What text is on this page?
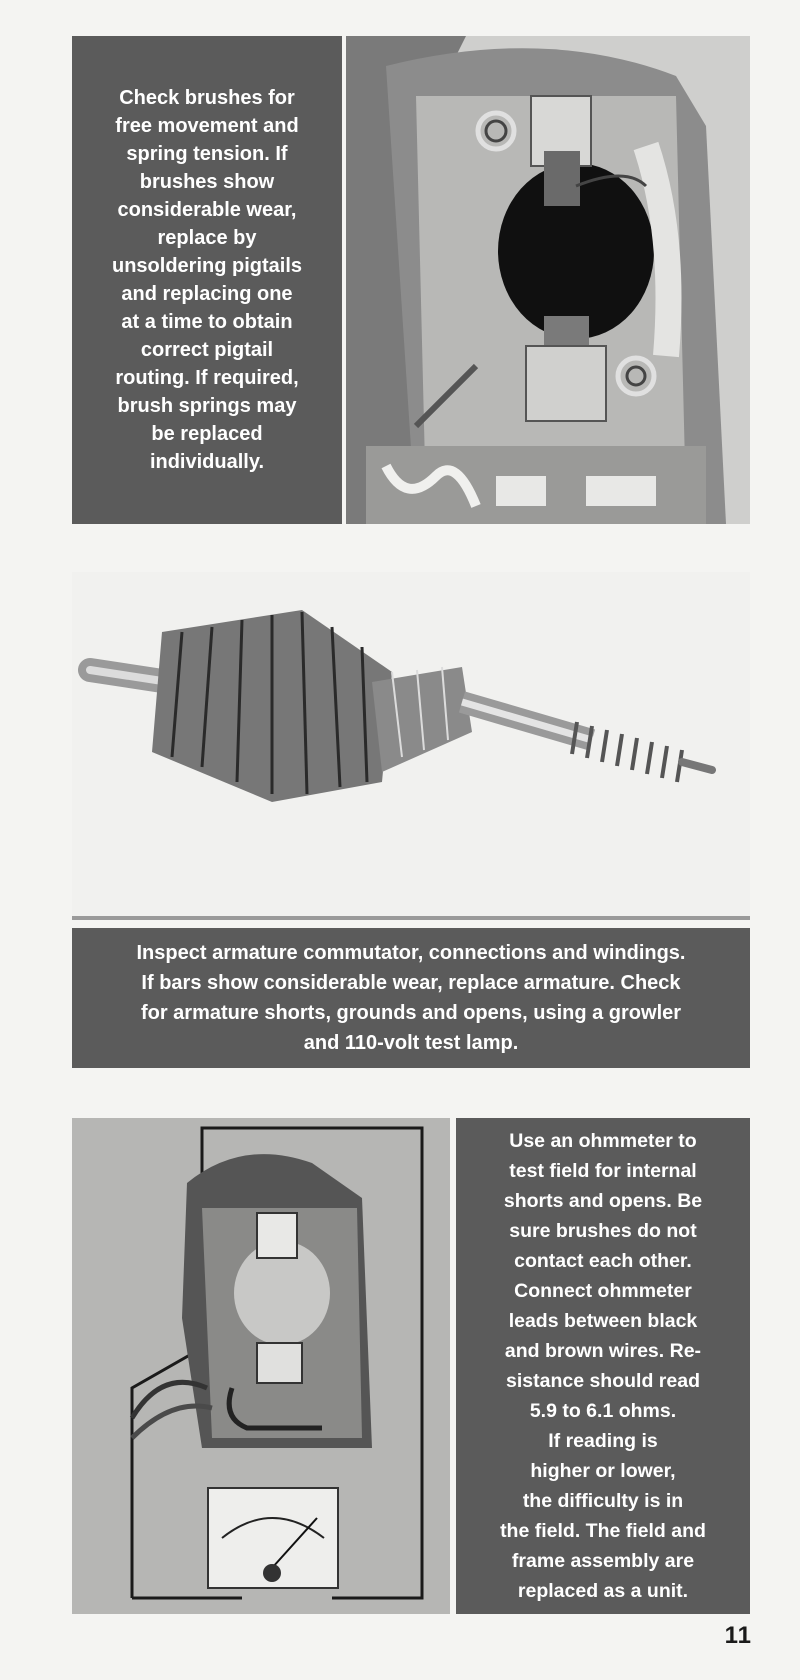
Check brushes for
free movement and
spring tension. If
brushes show
considerable wear,
replace by
unsoldering pigtails
and replacing one
at a time to obtain
correct pigtail
routing. If required,
brush springs may
be replaced
individually.

Inspect armature commutator, connections and windings.
If bars show considerable wear, replace armature. Check
for armature shorts, grounds and opens, using a growler
and 110-volt test lamp.

Use an ohmmeter to
test field for internal
shorts and opens. Be
sure brushes do not
contact each other.
Connect ohmmeter
leads between black
and brown wires. Re-
sistance should read
5.9 to 6.1 ohms.
If reading is
higher or lower,
the difficulty is in
the field. The field and
frame assembly are
replaced as a unit.

11
